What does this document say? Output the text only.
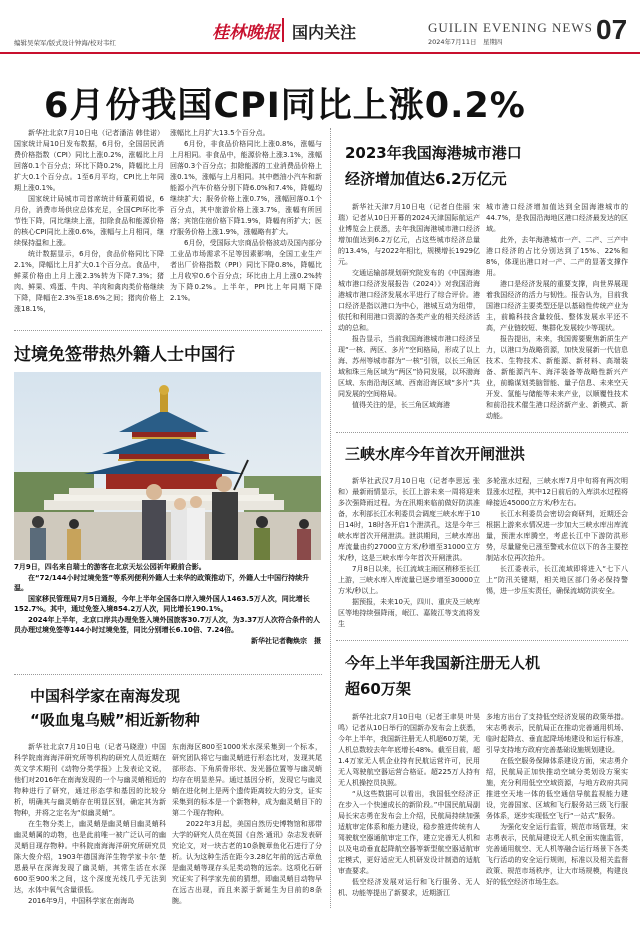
编辑吴荣军/版式设计钟海/校对韦红	桂林晚报 国内关注	GUILIN EVENING NEWS
2024年7月11日　星期四	07
6月份我国CPI同比上涨0.2%

新华社北京7月10日电（记者潘洁 韩佳诺）国家统计局10日发布数据，6月份，全国居民消费价格指数（CPI）同比上涨0.2%，涨幅比上月回落0.1个百分点；环比下降0.2%，降幅比上月扩大0.1个百分点。1至6月平均，CPI比上年同期上涨0.1%。

国家统计局城市司首席统计师董莉娟说，6月份，消费市场供应总体充足，全国CPI环比季节性下降，同比继续上涨，扣除食品和能源价格的核心CPI同比上涨0.6%，涨幅与上月相同，继续保持温和上涨。

统计数据显示，6月份，食品价格同比下降2.1%，降幅比上月扩大0.1个百分点。食品中，鲜菜价格由上月上涨2.3%转为下降7.3%；猪肉、鲜果、鸡蛋、牛肉、羊肉和禽肉类价格继续下降，降幅在2.3%至18.6%之间；猪肉价格上涨18.1%，

涨幅比上月扩大13.5个百分点。

6月份，非食品价格同比上涨0.8%，涨幅与上月相同。非食品中，能源价格上涨3.1%，涨幅回落0.3个百分点；扣除能源的工业消费品价格上涨0.1%，涨幅与上月相同。其中燃油小汽车和新能源小汽车价格分别下降6.0%和7.4%，降幅均继续扩大；服务价格上涨0.7%，涨幅回落0.1个百分点，其中旅游价格上涨3.7%，涨幅有所回落；宾馆住宿价格下降1.9%，降幅有所扩大；医疗服务价格上涨1.9%，涨幅略有扩大。

6月份，受国际大宗商品价格波动及国内部分工业品市场需求不足等因素影响，全国工业生产者出厂价格指数（PPI）同比下降0.8%，降幅比上月收窄0.6个百分点；环比由上月上涨0.2%转为下降0.2%。上半年，PPI比上年同期下降2.1%。

2023年我国海港城市港口
经济增加值达6.2万亿元

新华社天津7月10日电（记者白佳丽 宋瑞）记者从10日开幕的2024天津国际航运产业博览会上获悉，去年我国海港城市港口经济增加值达到6.2万亿元，占这些城市经济总量的13.4%，与2022年相比，规模增长1929亿元。

交通运输部规划研究院发布的《中国海港城市港口经济发展报告（2024）》对我国沿海港城市港口经济发展水平进行了综合评价。港口经济是指以港口为中心，港城互动为纽带，依托和利用港口资源的各类产业的相关经济活动的总和。

报告显示，当前我国海港城市港口经济呈现“一核、两区、多片”空间格局，形成了以上海、苏州等城市群为“一核”引领，以长三角区域和珠三角区域为“两区”协同发展，以环渤海区域、东南沿海区域、西南沿海区域“多片”共同发展的空间格局。

值得关注的是，长三角区域海港

城市港口经济增加值达到全国海港城市的44.7%，是我国沿海地区港口经济最发达的区域。

此外，去年海港城市一产、二产、三产中港口经济的占比分别达到了15%、22%和8%，体现出港口对一产、二产的显著支撑作用。

港口是经济发展的重要支撑，向世界展现着我国经济的活力与韧性。报告认为，目前我国港口经济主要类型还是以基础性传统产业为主，前瞻科技含量较低、整体发展水平还不高，产业链较短、集群化发展较少等现状。

报告提出，未来，我国需要聚焦新质生产力，以港口为战略资源，加快发展新一代信息技术、生物技术、新能源、新材料、高端装备、新能源汽车、海洋装备等战略性新兴产业，前瞻谋划类脑智能、量子信息、未来空天开发、氢能与储能等未来产业，以顺覆性技术和前沿技术催生港口经济新产业、新模式、新动能。

三峡水库今年首次开闸泄洪

新华社武汉7月10日电（记者李思远 张和）最新雨情显示，长江上游未来一周将迎来多次强降雨过程。为在汛期来临前做好防洪准备，水利部长江水利委员会调度三峡水库于10日14时，18时各开启1个泄洪孔，这是今年三峡水库首次开闸泄洪。泄洪期间，三峡水库出库流量由约27000立方米/秒增至31000立方米/秒，这是三峡水库今年首次开闸泄洪。

7月8日以来，长江流域主雨区稍移至长江上游，三峡水库入库流量已逐步增至30000立方米/秒以上。

据预报，未来10天，四川、重庆及三峡库区等地持续强降雨，岷江、嘉陵江等支流将发生

多轮涨水过程，三峡水库7月中旬将有两次明显涨水过程，其中12日前后的入库洪水过程将峰接近45000立方米/秒左右。

长江水利委员会密切会商研判，近期还会根据上游来水情况进一步加大三峡水库出库流量，预泄水库腾空，考虑长江中下游防洪形势，尽量避免已涨至警戒水位以下的各主要控制站水位再次抬升。

长江委表示，长江流域即将进入“七下八上”防汛关键期，相关地区部门务必保持警惕，进一步压实责任，确保流域防洪安全。

今年上半年我国新注册无人机
超60万架

新华社北京7月10日电（记者王聿昊 叶昊鸣）记者从10日举行的国新办发布会上获悉，今年上半年，我国新注册无人机超60万架，无人机总数较去年年底增长48%。截至目前，超1.4万家无人机企业持有民航运营许可，民用无人驾驶航空器运营合格证。超225万人持有无人机操控员执照。

“从这些数据可以看出，我国低空经济正在步入一个快速成长的新阶段。”中国民航局副局长宋志勇在发布会上介绍，民航局持续加强适航审定体系和能力建设，稳步推进传统有人驾驶航空器通航审定工作，建立完善无人机和以及电动垂直起降航空器等新型航空器适航审定模式，更好适应无人机研发设计制造的适航审查要求。

低空经济发展对运行和飞行服务、无人机、功能等提出了新要求，近期浙江

多地方出台了支持低空经济发展的政策举措。宋志勇表示，民航局正在推动完善通用机场、临时起降点、垂直起降场地建设和运行标准，引导支持地方政府完善基础设施规划建设。

在低空服务保障体系建设方面，宋志勇介绍，民航局正加快推动空域分类划设方案实施，充分利用低空空域资源，与地方政府共同推进空天地一体的低空通信导航监视能力建设，完善国家、区域和飞行服务站三级飞行服务体系，逐步实现低空飞行“一站式”服务。

为强化安全运行监管，规范市场管理，宋志勇表示，民航局建设无人机全面实施监管，完善通用航空、无人机等融合运行场景下各类飞行活动的安全运行规则，标准以及相关监督政策、规范市场秩序，让大市场规模，构建良好的低空经济市场生态。

过境免签带热外籍人士中国行

7月9日，四名来自瑞士的游客在北京天坛公园祈年殿前合影。

在“72/144小时过境免签”等系列便利外籍人士来华的政策推动下，外籍人士中国行持续升温。

国家移民管理局7月5日通报，今年上半年全国各口岸入境外国人1463.5万人次，同比增长152.7%。其中，通过免签入境854.2万人次，同比增长190.1%。

2024年上半年，北京口岸共办理免签入境外国旅客30.7万人次，为3.37万人次符合条件的人员办理过境免签等144小时过境免签，同比分别增长6.10倍、7.24倍。

新华社记者鞠焕宗　摄

中国科学家在南海发现
“吸血鬼乌贼”相近新物种

新华社北京7月10日电（记者马晓澄）中国科学院南海海洋研究所等机构的研究人员近期在英文学术期刊《动物分类学报》上发表论文说，他们对2016年在南海发现的一个与幽灵蛸相近的物种进行了研究，通过形态学和基因的比较分析，明确其与幽灵蛸存在明显区别，确定其为新物种，并将之定名为“似幽灵蛸”。

在生物分类上，幽灵蛸是幽灵蛸目幽灵蛸科幽灵蛸属的动物，也是此前唯一被广泛认可的幽灵蛸目现存物种。中科院南海海洋研究所研究员陈大俊介绍，1903年德国海洋生物学家卡尔·楚恩最早在深海发现了幽灵蛸，其常生活在水深600至900米之间，这个深度光线几乎无法到达，水体中氧气含量很低。

2016年9月，中国科学家在南海岛

东南海区800至1000米水深采集到一个标本，研究团队将它与幽灵蛸进行形态比对，发现其尾部形态、下角质骨形状、发光器位置等与幽灵蛸均存在明显差异。通过基因分析，发现它与幽灵蛸在进化树上是两个遗传距离较大的分支，证实采集到的标本是一个新物种，成为幽灵蛸目下的第二个现存物种。

2022年3月起，美国自然历史博物馆和那带大学的研究人员在英国《自然·通讯》杂志发表研究论文，对一块古老的10条腕章鱼化石进行了分析。认为这种生活在距今3.28亿年前的远古章鱼是幽灵蛸等现存头足类动物的远亲。这项化石研究证实了科学家先前的猜想，即幽灵蛸目动物早在远古出现，而且来源于新诞生为目前的8条腕。
